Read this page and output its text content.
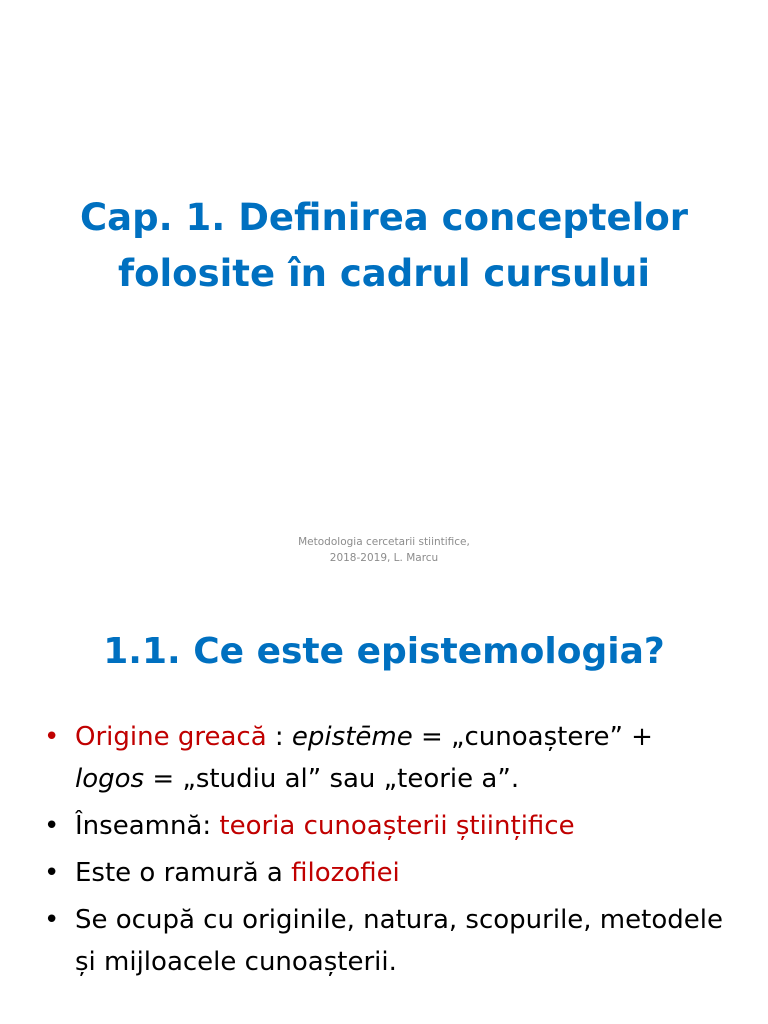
Cap. 1. Definirea conceptelor
folosite în cadrul cursului
Metodologia cercetarii stiintifice,
2018-2019, L. Marcu
1.1. Ce este epistemologia?
• Origine greacă : epistēme = „cunoaștere” + logos = „studiu al” sau „teorie a”.
• Înseamnă: teoria cunoașterii științifice
• Este o ramură a filozofiei
• Se ocupă cu originile, natura, scopurile, metodele și mijloacele cunoașterii.
